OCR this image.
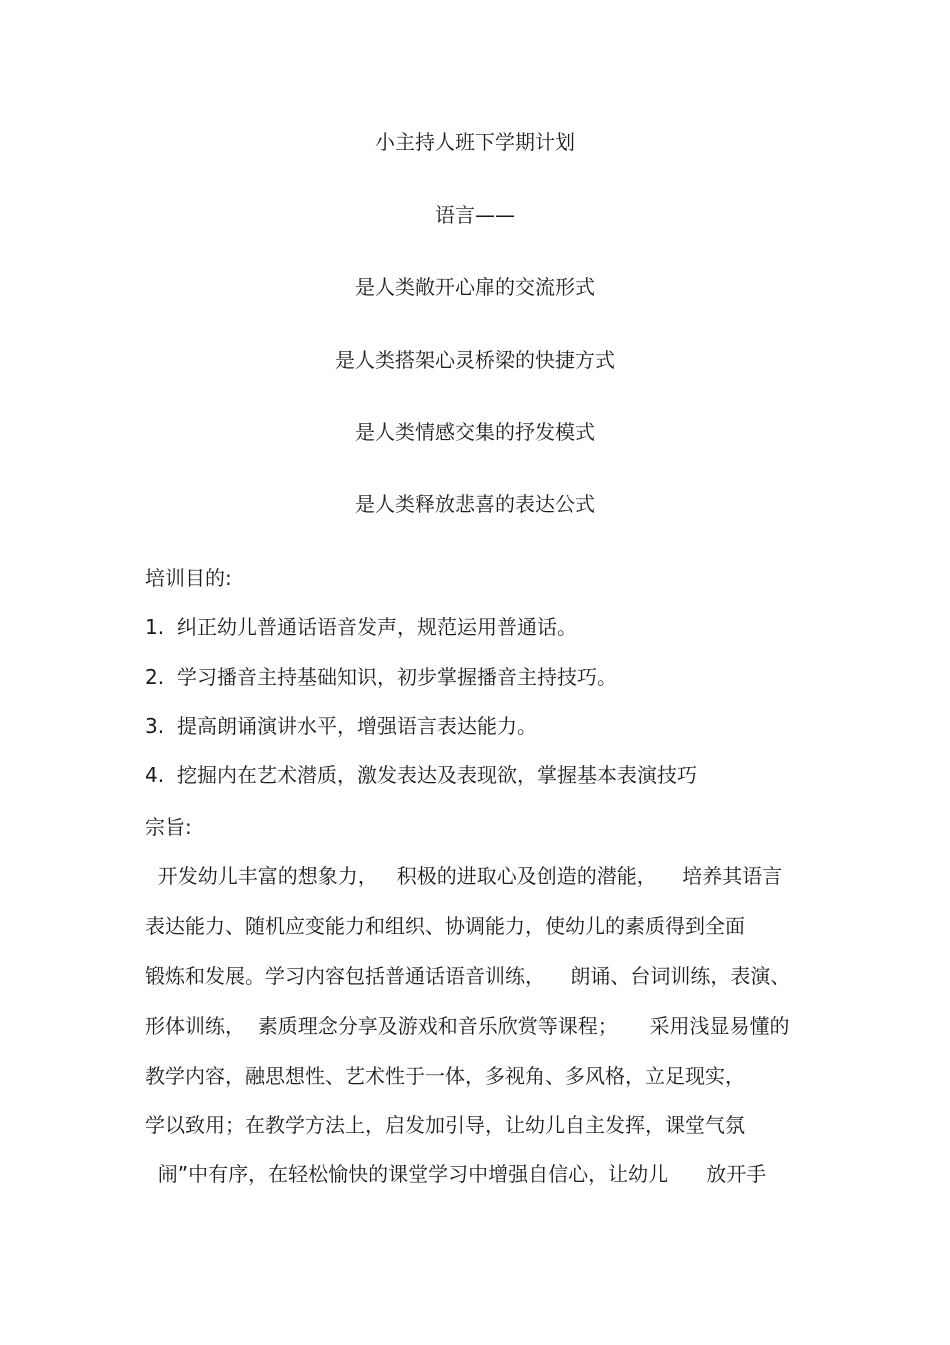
小主持人班下学期计划
语言——
是人类敞开心扉的交流形式
是人类搭架心灵桥梁的快捷方式
是人类情感交集的抒发模式
是人类释放悲喜的表达公式
培训目的:
1. 纠正幼儿普通话语音发声，规范运用普通话。
2. 学习播音主持基础知识，初步掌握播音主持技巧。
3. 提高朗诵演讲水平，增强语言表达能力。
4. 挖掘内在艺术潜质，激发表达及表现欲，掌握基本表演技巧
宗旨:
开发幼儿丰富的想象力，   积极的进取心及创造的潜能，    培养其语言
表达能力、随机应变能力和组织、协调能力，使幼儿的素质得到全面
锻炼和发展。学习内容包括普通话语音训练，    朗诵、台词训练，表演、
形体训练，  素质理念分享及游戏和音乐欣赏等课程；     采用浅显易懂的
教学内容，融思想性、艺术性于一体，多视角、多风格，立足现实，
学以致用；在教学方法上，启发加引导，让幼儿自主发挥，课堂气氛
闹”中有序，在轻松愉快的课堂学习中增强自信心，让幼儿      放开手
